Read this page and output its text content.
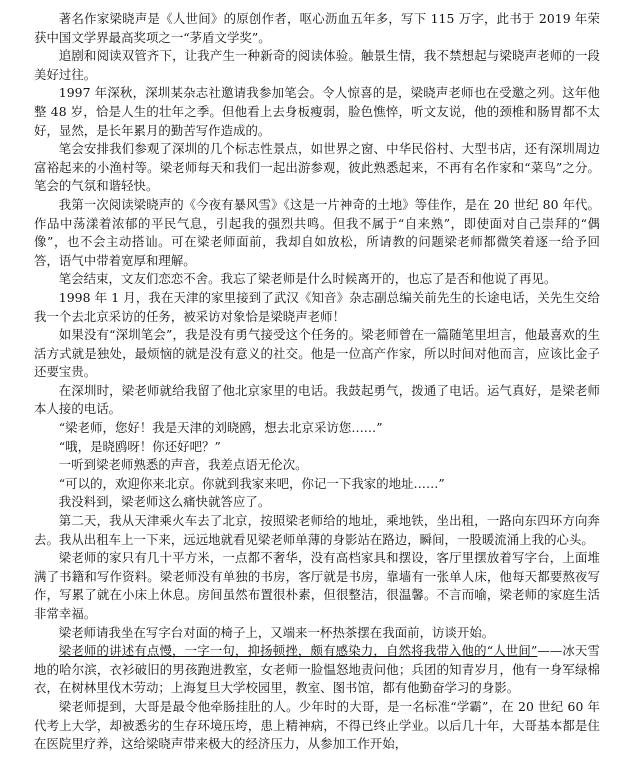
著名作家梁晓声是《人世间》的原创作者，呕心沥血五年多，写下 115 万字，此书于 2019 年荣获中国文学界最高奖项之一“茅盾文学奖”。

追剧和阅读双管齐下，让我产生一种新奇的阅读体验。触景生情，我不禁想起与梁晓声老师的一段美好过往。

1997 年深秋，深圳某杂志社邀请我参加笔会。令人惊喜的是，梁晓声老师也在受邀之列。这年他整 48 岁，恰是人生的壮年之季。但他看上去身板瘦弱，脸色憔悴，听文友说，他的颈椎和肠胃都不太好，显然，是长年累月的勤苦写作造成的。

笔会安排我们参观了深圳的几个标志性景点，如世界之窗、中华民俗村、大型书店，还有深圳周边富裕起来的小渔村等。梁老师每天和我们一起出游参观，彼此熟悉起来，不再有名作家和“菜鸟”之分。笔会的气氛和谐轻快。

我第一次阅读梁晓声的《今夜有暴风雪》《这是一片神奇的土地》等佳作，是在 20 世纪 80 年代。作品中荡漾着浓郁的平民气息，引起我的强烈共鸣。但我不属于“自来熟”，即使面对自己崇拜的“偶像”，也不会主动搭讪。可在梁老师面前，我却自如放松，所请教的问题梁老师都微笑着逐一给予回答，语气中带着宽厚和理解。

笔会结束，文友们恋恋不舍。我忘了梁老师是什么时候离开的，也忘了是否和他说了再见。

1998 年 1 月，我在天津的家里接到了武汉《知音》杂志副总编关前先生的长途电话，关先生交给我一个去北京采访的任务，被采访对象恰是梁晓声老师！

如果没有“深圳笔会”，我是没有勇气接受这个任务的。梁老师曾在一篇随笔里坦言，他最喜欢的生活方式就是独处，最烦恼的就是没有意义的社交。他是一位高产作家，所以时间对他而言，应该比金子还要宝贵。

在深圳时，梁老师就给我留了他北京家里的电话。我鼓起勇气，拨通了电话。运气真好，是梁老师本人接的电话。

“梁老师，您好！我是天津的刘晓鸥，想去北京采访您……”

“哦，是晓鸥呀！你还好吧？”

一听到梁老师熟悉的声音，我差点语无伦次。

“可以的，欢迎你来北京。你就到我家来吧，你记一下我家的地址……”

我没料到，梁老师这么痛快就答应了。

第二天，我从天津乘火车去了北京，按照梁老师给的地址，乘地铁，坐出租，一路向东四环方向奔去。我从出租车上一下来，远远地就看见梁老师单薄的身影站在路边，瞬间，一股暖流涌上我的心头。

梁老师的家只有几十平方米，一点都不奢华，没有高档家具和摆设，客厅里摆放着写字台，上面堆满了书籍和写作资料。梁老师没有单独的书房，客厅就是书房，靠墙有一张单人床，他每天都要熬夜写作，写累了就在小床上休息。房间虽然布置很朴素，但很整洁，很温馨。不言而喻，梁老师的家庭生活非常幸福。

梁老师请我坐在写字台对面的椅子上，又端来一杯热茶摆在我面前，访谈开始。

梁老师的讲述有点慢，一字一句，抑扬顿挫，颇有感染力，自然将我带入他的“人世间”——冰天雪地的哈尔滨，衣衫破旧的男孩跑进教室，女老师一脸愠怒地责问他；兵团的知青岁月，他有一身军绿棉衣，在树林里伐木劳动；上海复旦大学校园里，教室、图书馆，都有他勤奋学习的身影。

梁老师提到，大哥是最令他牵肠挂肚的人。少年时的大哥，是一名标准“学霸”，在 20 世纪 60 年代考上大学，却被悉劣的生存环境压垮，患上精神病，不得已终止学业。以后几十年，大哥基本都是住在医院里疗养，这给梁晓声带来极大的经济压力，从参加工作开始，
